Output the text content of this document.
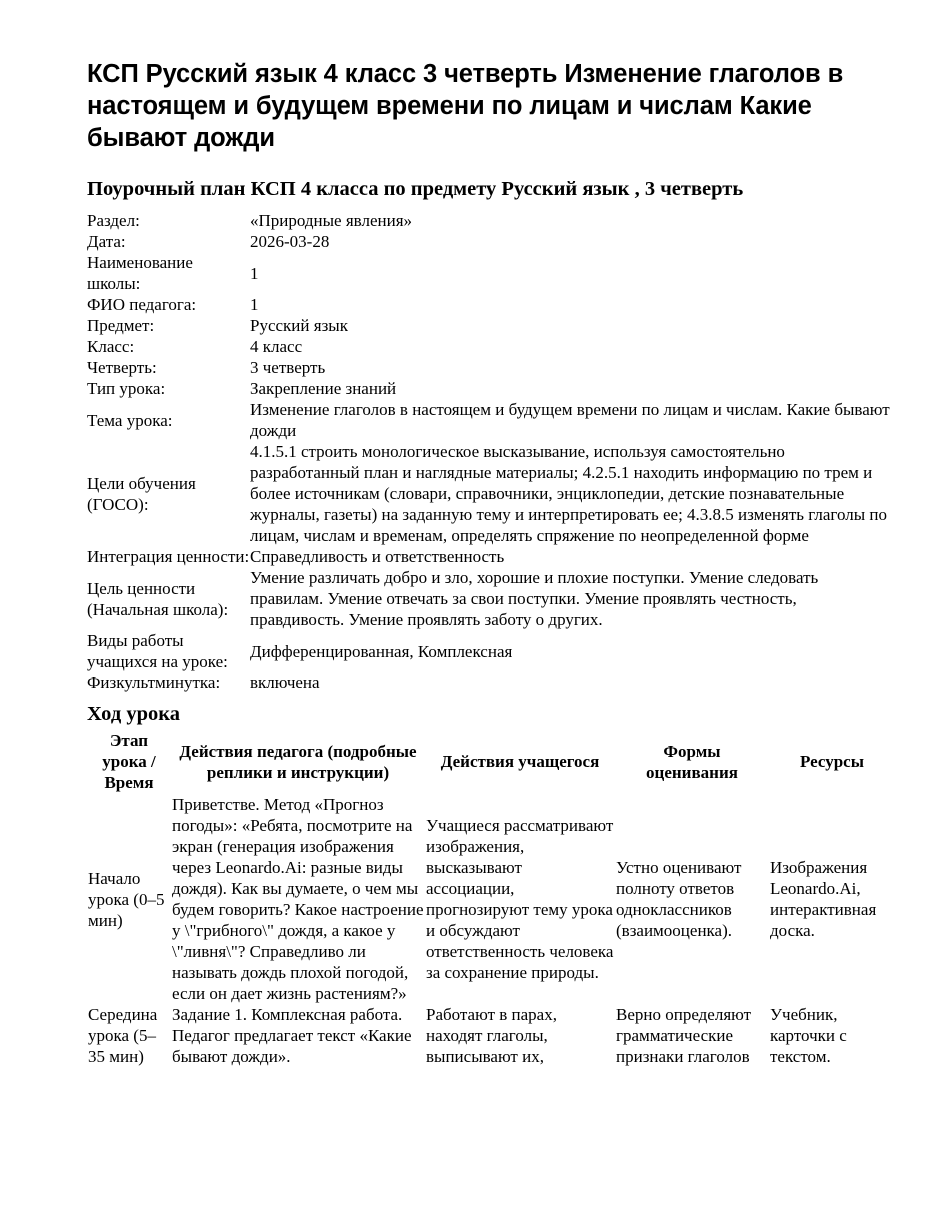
КСП Русский язык 4 класс 3 четверть Изменение глаголов в настоящем и будущем времени по лицам и числам Какие бывают дожди
Поурочный план КСП 4 класса по предмету Русский язык , 3 четверть
Раздел:	«Природные явления»
Дата:	2026-03-28
Наименование школы:	1
ФИО педагога:	1
Предмет:	Русский язык
Класс:	4 класс
Четверть:	3 четверть
Тип урока:	Закрепление знаний
Тема урока:	Изменение глаголов в настоящем и будущем времени по лицам и числам. Какие бывают дожди
Цели обучения (ГОСО):	4.1.5.1 строить монологическое высказывание, используя самостоятельно разработанный план и наглядные материалы; 4.2.5.1 находить информацию по трем и более источникам (словари, справочники, энциклопедии, детские познавательные журналы, газеты) на заданную тему и интерпретировать ее; 4.3.8.5 изменять глаголы по лицам, числам и временам, определять спряжение по неопределенной форме
Интеграция ценности:	Справедливость и ответственность
Цель ценности (Начальная школа):	Умение различать добро и зло, хорошие и плохие поступки. Умение следовать правилам. Умение отвечать за свои поступки. Умение проявлять честность, правдивость. Умение проявлять заботу о других.
Виды работы учащихся на уроке:	Дифференцированная, Комплексная
Физкультминутка:	включена
Ход урока
Этап урока / Время	Действия педагога (подробные реплики и инструкции)	Действия учащегося	Формы оценивания	Ресурсы
Начало урока (0–5 мин)	Приветстве. Метод «Прогноз погоды»: «Ребята, посмотрите на экран (генерация изображения через Leonardo.Ai: разные виды дождя). Как вы думаете, о чем мы будем говорить? Какое настроение у \"грибного\" дождя, а какое у \"ливня\"? Справедливо ли называть дождь плохой погодой, если он дает жизнь растениям?»	Учащиеся рассматривают изображения, высказывают ассоциации, прогнозируют тему урока и обсуждают ответственность человека за сохранение природы.	Устно оценивают полноту ответов одноклассников (взаимооценка).	Изображения Leonardo.Ai, интерактивная доска.
Середина урока (5–35 мин)	Задание 1. Комплексная работа. Педагог предлагает текст «Какие бывают дожди».	Работают в парах, находят глаголы, выписывают их,	Верно определяют грамматические признаки глаголов	Учебник, карточки с текстом.
